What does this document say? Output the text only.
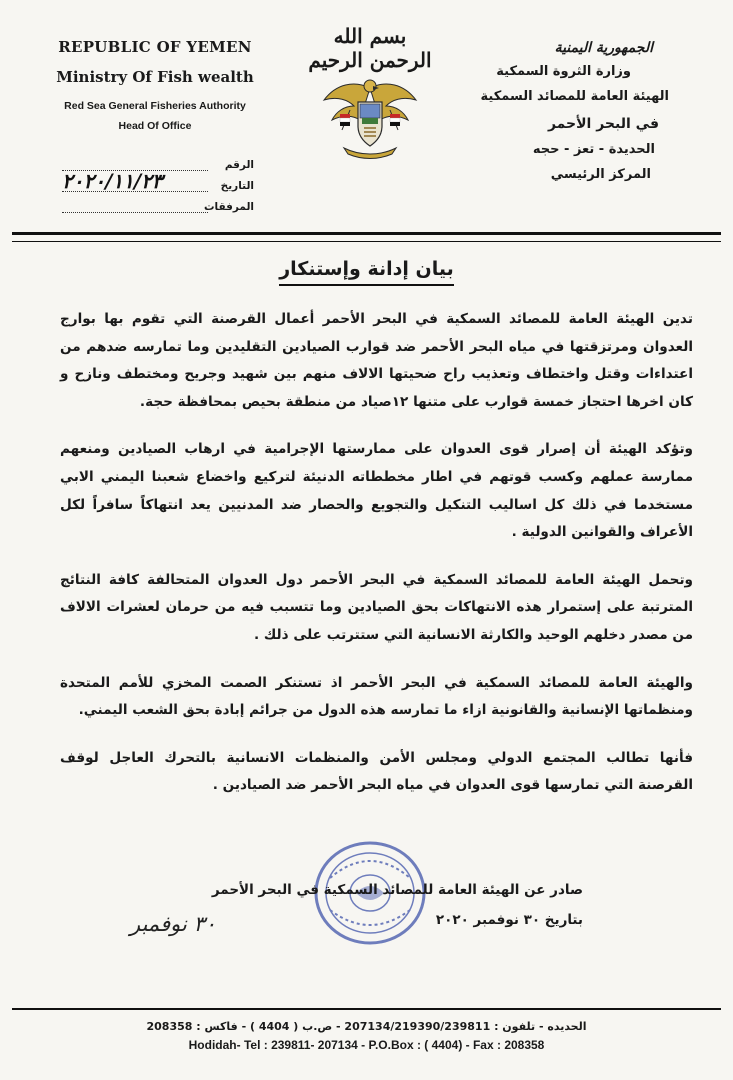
REPUBLIC OF YEMEN
Ministry Of Fish wealth
Red Sea General Fisheries Authority
Head Of Office
الرقم
التاريخ
٢٠٢٠/١١/٢٣
المرفقات
بسم الله الرحمن الرحيم	الجمهورية اليمنية
وزارة الثروة السمكية
الهيئة العامة للمصائد السمكية
في البحر الأحمر
الحديدة - تعز - حجه
المركز الرئيسي
بيان إدانة وإستنكار

تدين الهيئة العامة للمصائد السمكية في البحر الأحمر أعمال القرصنة التي تقوم بها بوارج العدوان ومرتزقتها في مياه البحر الأحمر ضد قوارب الصيادين التقليدين وما تمارسه ضدهم من اعتداءات وقتل واختطاف وتعذيب راح ضحيتها الالاف منهم بين شهيد وجريح ومختطف ونازح و كان اخرها احتجاز خمسة قوارب على متنها ١٢صياد من منطقة بحيص بمحافظة حجة.

وتؤكد الهيئة أن إصرار قوى العدوان على ممارستها الإجرامية في ارهاب الصيادين ومنعهم ممارسة عملهم وكسب قوتهم في اطار مخططاته الدنيئة لتركيع واخضاع شعبنا اليمني الابي مستخدما في ذلك كل اساليب التنكيل والتجويع والحصار ضد المدنيين يعد انتهاكاً سافراً لكل الأعراف والقوانين الدولية .

وتحمل الهيئة العامة للمصائد السمكية في البحر الأحمر دول العدوان المتحالفة كافة النتائج المترتبة على إستمرار هذه الانتهاكات بحق الصيادين وما تتسبب فيه من حرمان لعشرات الالاف من مصدر دخلهم الوحيد والكارثة الانسانية التي ستترتب على ذلك .

والهيئة العامة للمصائد السمكية في البحر الأحمر اذ تستنكر الصمت المخزي للأمم المتحدة ومنظماتها الإنسانية والقانونية ازاء ما تمارسه هذه الدول من جرائم إبادة بحق الشعب اليمني.

فأنها تطالب المجتمع الدولي ومجلس الأمن والمنظمات الانسانية بالتحرك العاجل لوقف القرصنة التي تمارسها قوى العدوان في مياه البحر الأحمر ضد الصيادين .

صادر عن الهيئة العامة للمصائد السمكية في البحر الأحمر
بتاريخ ٣٠ نوفمبر ٢٠٢٠
٣٠ نوفمبر
الحديده - تلفون : 207134/219390/239811 - ص.ب ( 4404 ) - فاكس : 208358
Hodidah- Tel : 239811- 207134 - P.O.Box : ( 4404) - Fax : 208358
